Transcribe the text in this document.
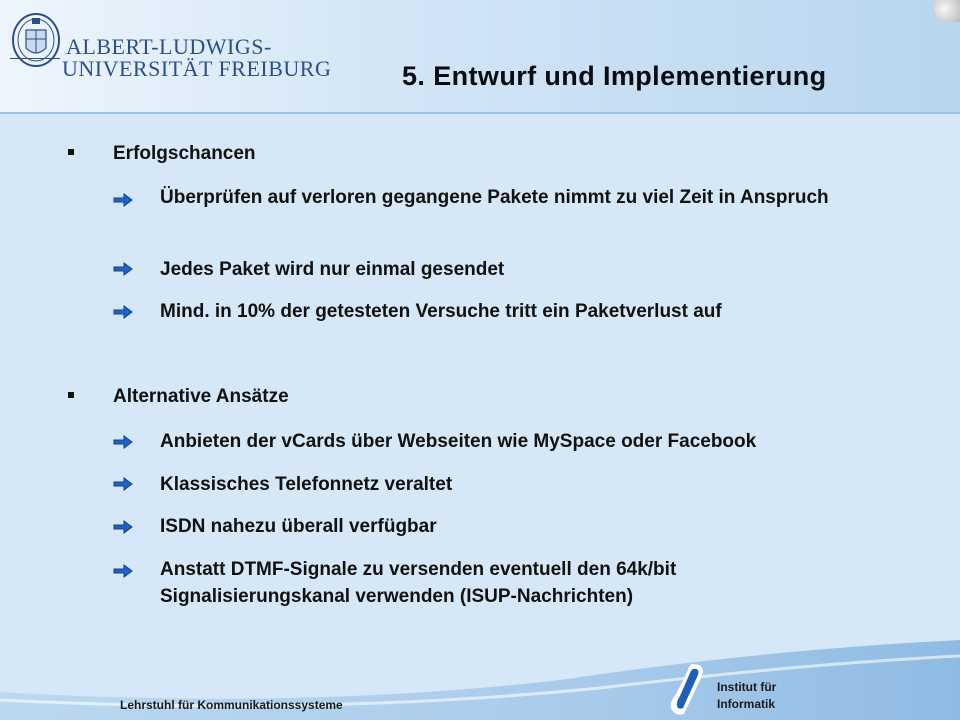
ALBERT-LUDWIGS-
UNIVERSITÄT FREIBURG	5. Entwurf und Implementierung
Erfolgschancen
Überprüfen auf verloren gegangene Pakete nimmt zu viel Zeit in Anspruch
Jedes Paket wird nur einmal gesendet
Mind. in 10% der getesteten Versuche tritt ein Paketverlust auf
Alternative Ansätze
Anbieten der vCards über Webseiten wie MySpace oder Facebook
Klassisches Telefonnetz veraltet
ISDN nahezu überall verfügbar
Anstatt DTMF-Signale zu versenden eventuell den 64k/bit Signalisierungskanal verwenden (ISUP-Nachrichten)
Lehrstuhl für Kommunikationssysteme
Institut für
Informatik
